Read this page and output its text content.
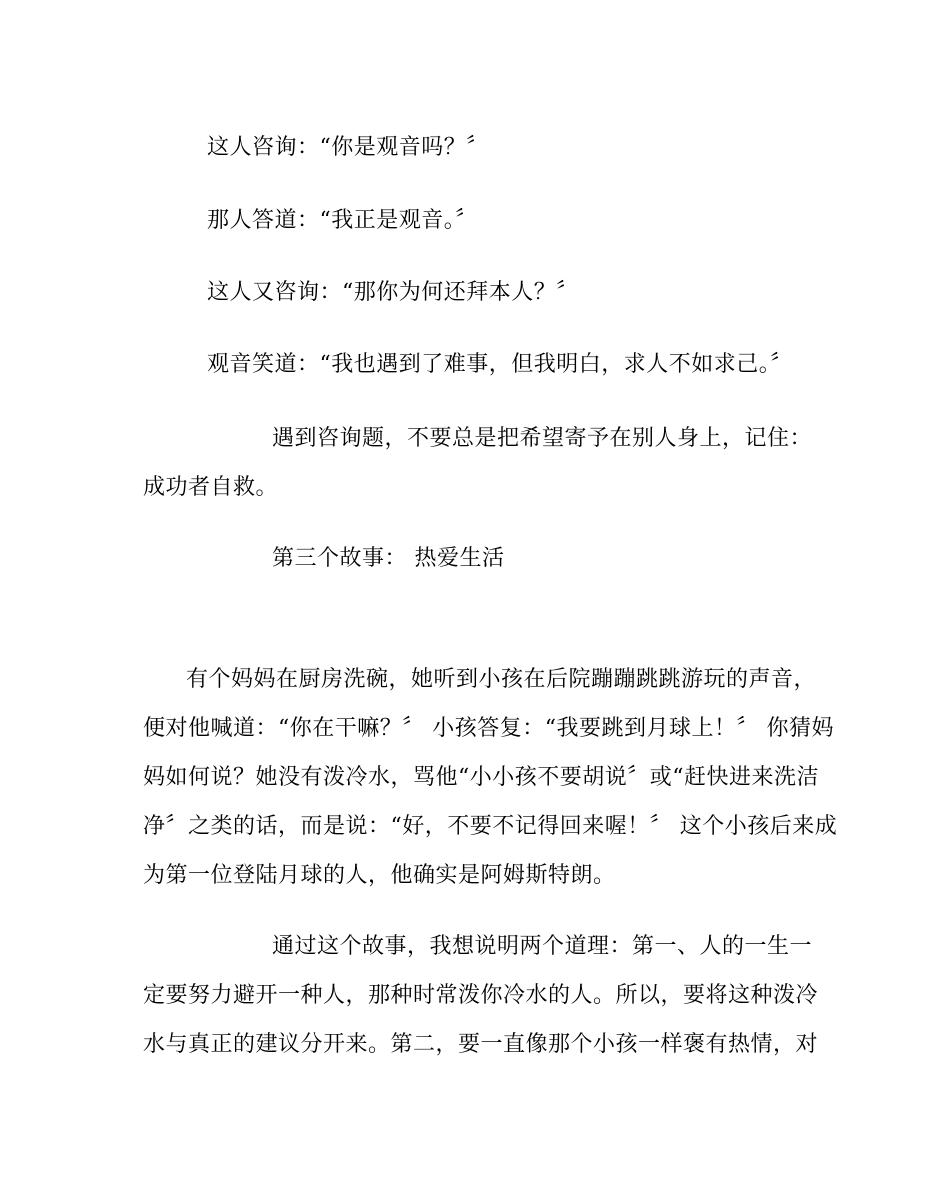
这人咨询：“你是观音吗？〞
那人答道：“我正是观音。〞
这人又咨询：“那你为何还拜本人？〞
观音笑道：“我也遇到了难事，但我明白，求人不如求己。〞
遇到咨询题，不要总是把希望寄予在别人身上，记住：
成功者自救。
第三个故事： 热爱生活
有个妈妈在厨房洗碗，她听到小孩在后院蹦蹦跳跳游玩的声音，
便对他喊道：“你在干嘛？〞 小孩答复：“我要跳到月球上！〞 你猜妈
妈如何说？她没有泼冷水，骂他“小小孩不要胡说〞或“赶快进来洗洁
净〞之类的话，而是说：“好，不要不记得回来喔！〞 这个小孩后来成
为第一位登陆月球的人，他确实是阿姆斯特朗。
通过这个故事，我想说明两个道理：第一、人的一生一
定要努力避开一种人，那种时常泼你冷水的人。所以，要将这种泼冷
水与真正的建议分开来。第二，要一直像那个小孩一样褒有热情，对
